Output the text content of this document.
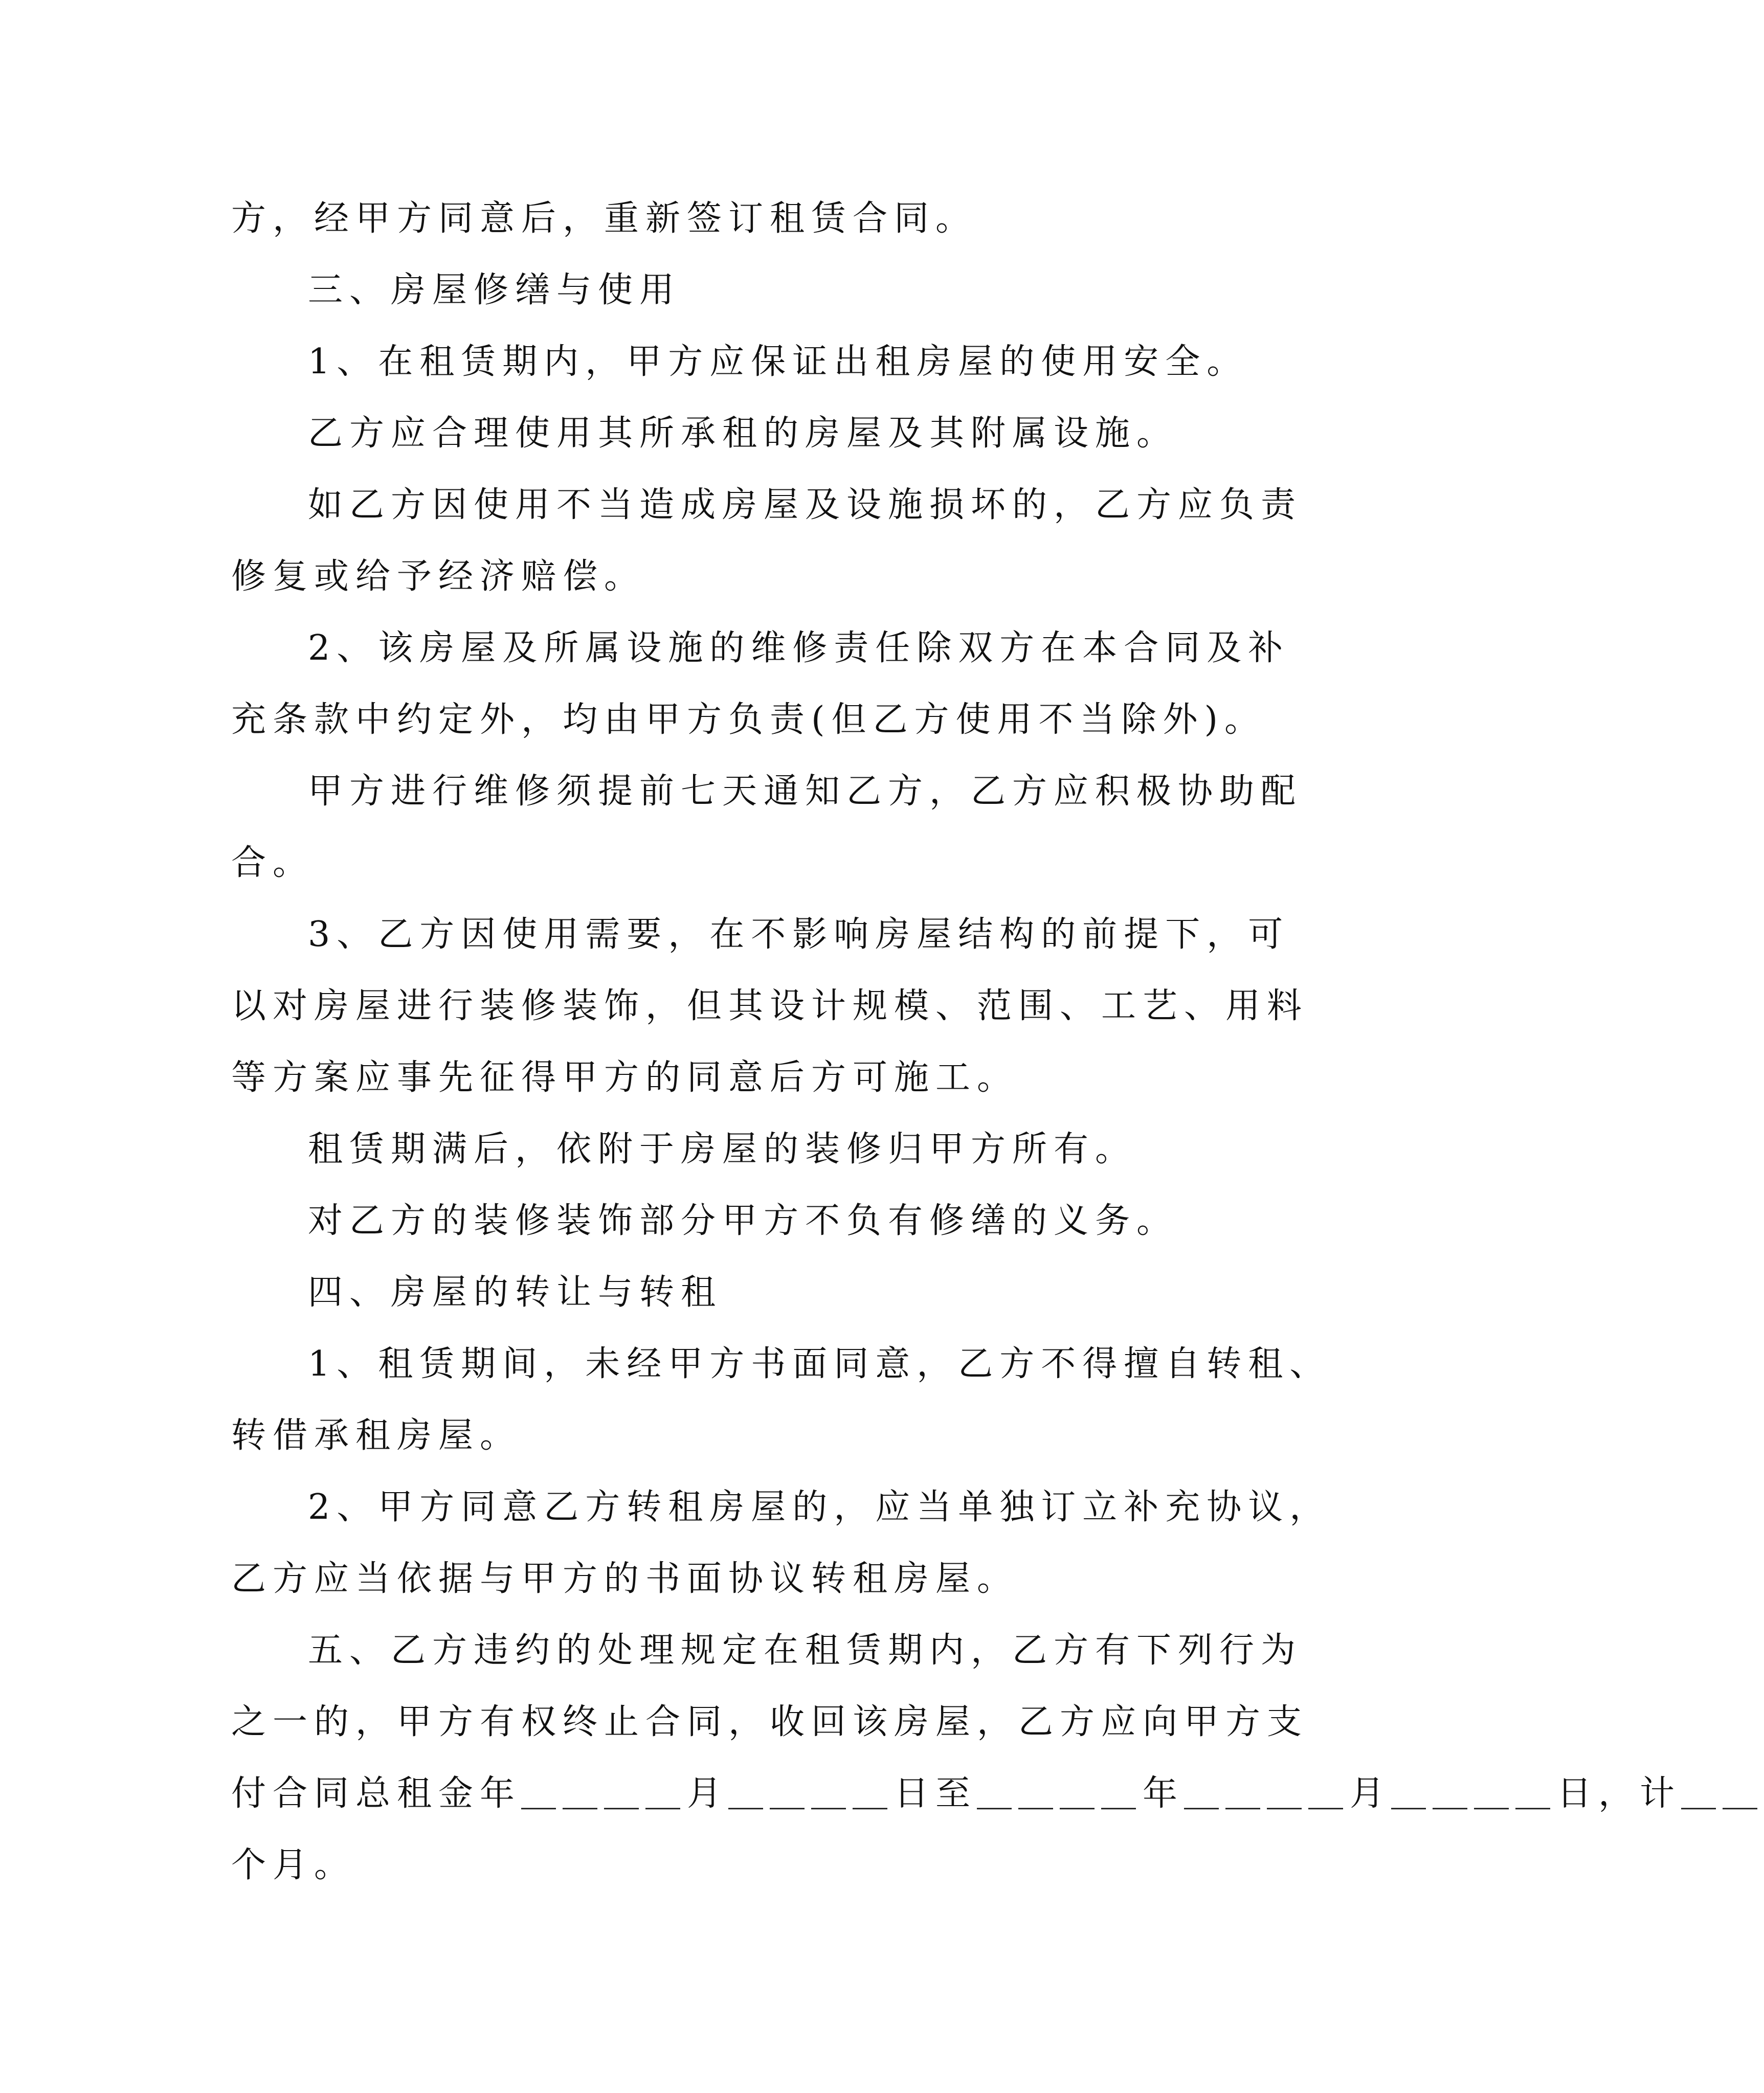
方，经甲方同意后，重新签订租赁合同。
三、房屋修缮与使用
1、在租赁期内，甲方应保证出租房屋的使用安全。
乙方应合理使用其所承租的房屋及其附属设施。
如乙方因使用不当造成房屋及设施损坏的，乙方应负责
修复或给予经济赔偿。
2、该房屋及所属设施的维修责任除双方在本合同及补
充条款中约定外，均由甲方负责(但乙方使用不当除外)。
甲方进行维修须提前七天通知乙方，乙方应积极协助配
合。
3、乙方因使用需要，在不影响房屋结构的前提下，可
以对房屋进行装修装饰，但其设计规模、范围、工艺、用料
等方案应事先征得甲方的同意后方可施工。
租赁期满后，依附于房屋的装修归甲方所有。
对乙方的装修装饰部分甲方不负有修缮的义务。
四、房屋的转让与转租
1、租赁期间，未经甲方书面同意，乙方不得擅自转租、
转借承租房屋。
2、甲方同意乙方转租房屋的，应当单独订立补充协议，
乙方应当依据与甲方的书面协议转租房屋。
五、乙方违约的处理规定在租赁期内，乙方有下列行为
之一的，甲方有权终止合同，收回该房屋，乙方应向甲方支
付合同总租金年＿＿＿＿月＿＿＿＿日至＿＿＿＿年＿＿＿＿月＿＿＿＿日，计＿＿
个月。
